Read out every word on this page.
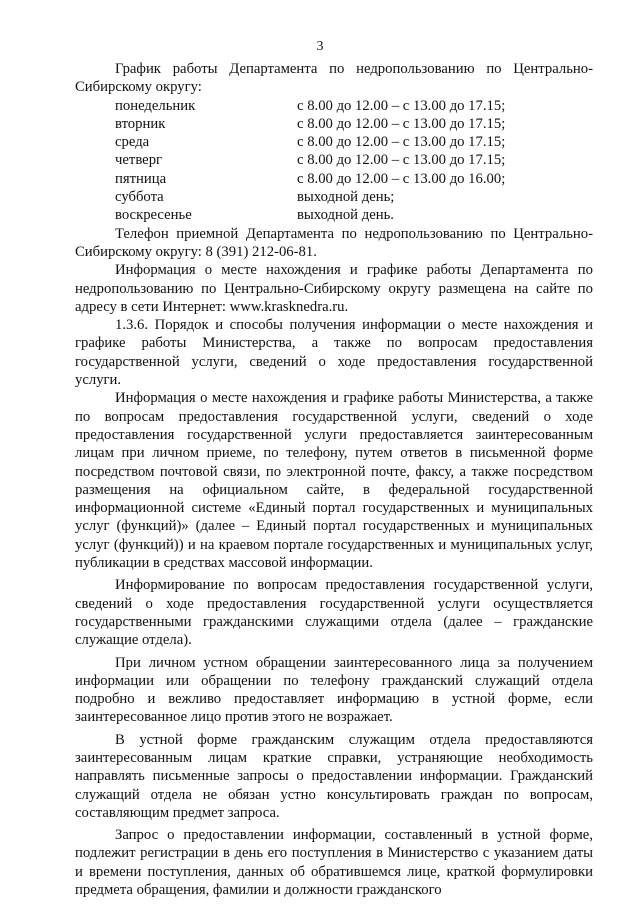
3

График работы Департамента по недропользованию по Центрально-Сибирскому округу:

понедельник	с 8.00 до 12.00 – с 13.00 до 17.15;
вторник	с 8.00 до 12.00 – с 13.00 до 17.15;
среда	с 8.00 до 12.00 – с 13.00 до 17.15;
четверг	с 8.00 до 12.00 – с 13.00 до 17.15;
пятница	с 8.00 до 12.00 – с 13.00 до 16.00;
суббота	выходной день;
воскресенье	выходной день.

Телефон приемной Департамента по недропользованию по Центрально-Сибирскому округу: 8 (391) 212-06-81.

Информация о месте нахождения и графике работы Департамента по недропользованию по Центрально-Сибирскому округу размещена на сайте по адресу в сети Интернет: www.krasknedra.ru.

1.3.6. Порядок и способы получения информации о месте нахождения и графике работы Министерства, а также по вопросам предоставления государственной услуги, сведений о ходе предоставления государственной услуги.

Информация о месте нахождения и графике работы Министерства, а также по вопросам предоставления государственной услуги, сведений о ходе предоставления государственной услуги предоставляется заинтересованным лицам при личном приеме, по телефону, путем ответов в письменной форме посредством почтовой связи, по электронной почте, факсу, а также посредством размещения на официальном сайте, в федеральной государственной информационной системе «Единый портал государственных и муниципальных услуг (функций)» (далее – Единый портал государственных и муниципальных услуг (функций)) и на краевом портале государственных и муниципальных услуг, публикации в средствах массовой информации.

Информирование по вопросам предоставления государственной услуги, сведений о ходе предоставления государственной услуги осуществляется государственными гражданскими служащими отдела (далее – гражданские служащие отдела).

При личном устном обращении заинтересованного лица за получением информации или обращении по телефону гражданский служащий отдела подробно и вежливо предоставляет информацию в устной форме, если заинтересованное лицо против этого не возражает.

В устной форме гражданским служащим отдела предоставляются заинтересованным лицам краткие справки, устраняющие необходимость направлять письменные запросы о предоставлении информации. Гражданский служащий отдела не обязан устно консультировать граждан по вопросам, составляющим предмет запроса.

Запрос о предоставлении информации, составленный в устной форме, подлежит регистрации в день его поступления в Министерство с указанием даты и времени поступления, данных об обратившемся лице, краткой формулировки предмета обращения, фамилии и должности гражданского
